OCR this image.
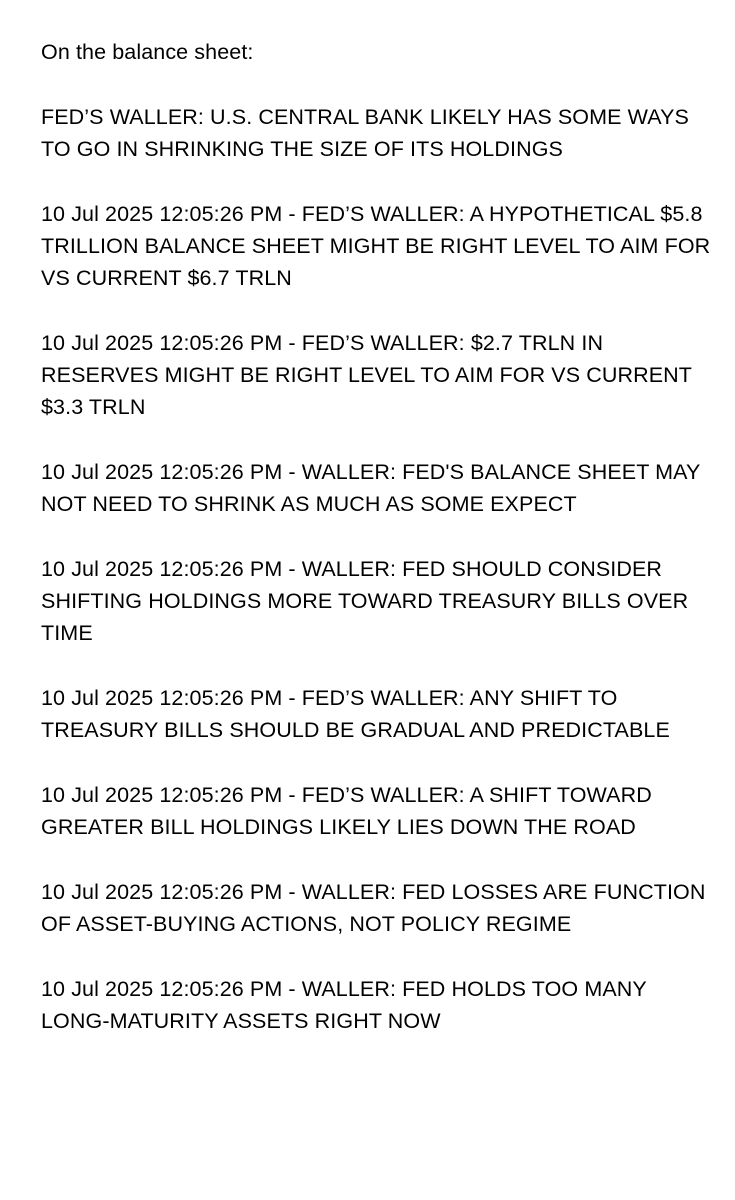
On the balance sheet:

FED’S WALLER: U.S. CENTRAL BANK LIKELY HAS SOME WAYS TO GO IN SHRINKING THE SIZE OF ITS HOLDINGS

10 Jul 2025 12:05:26 PM - FED’S WALLER: A HYPOTHETICAL $5.8 TRILLION BALANCE SHEET MIGHT BE RIGHT LEVEL TO AIM FOR VS CURRENT $6.7 TRLN

10 Jul 2025 12:05:26 PM - FED’S WALLER: $2.7 TRLN IN RESERVES MIGHT BE RIGHT LEVEL TO AIM FOR VS CURRENT $3.3 TRLN

10 Jul 2025 12:05:26 PM - WALLER: FED'S BALANCE SHEET MAY NOT NEED TO SHRINK AS MUCH AS SOME EXPECT

10 Jul 2025 12:05:26 PM - WALLER: FED SHOULD CONSIDER SHIFTING HOLDINGS MORE TOWARD TREASURY BILLS OVER TIME

10 Jul 2025 12:05:26 PM - FED’S WALLER: ANY SHIFT TO TREASURY BILLS SHOULD BE GRADUAL AND PREDICTABLE

10 Jul 2025 12:05:26 PM - FED’S WALLER: A SHIFT TOWARD GREATER BILL HOLDINGS LIKELY LIES DOWN THE ROAD

10 Jul 2025 12:05:26 PM - WALLER: FED LOSSES ARE FUNCTION OF ASSET-BUYING ACTIONS, NOT POLICY REGIME

10 Jul 2025 12:05:26 PM - WALLER: FED HOLDS TOO MANY LONG-MATURITY ASSETS RIGHT NOW
